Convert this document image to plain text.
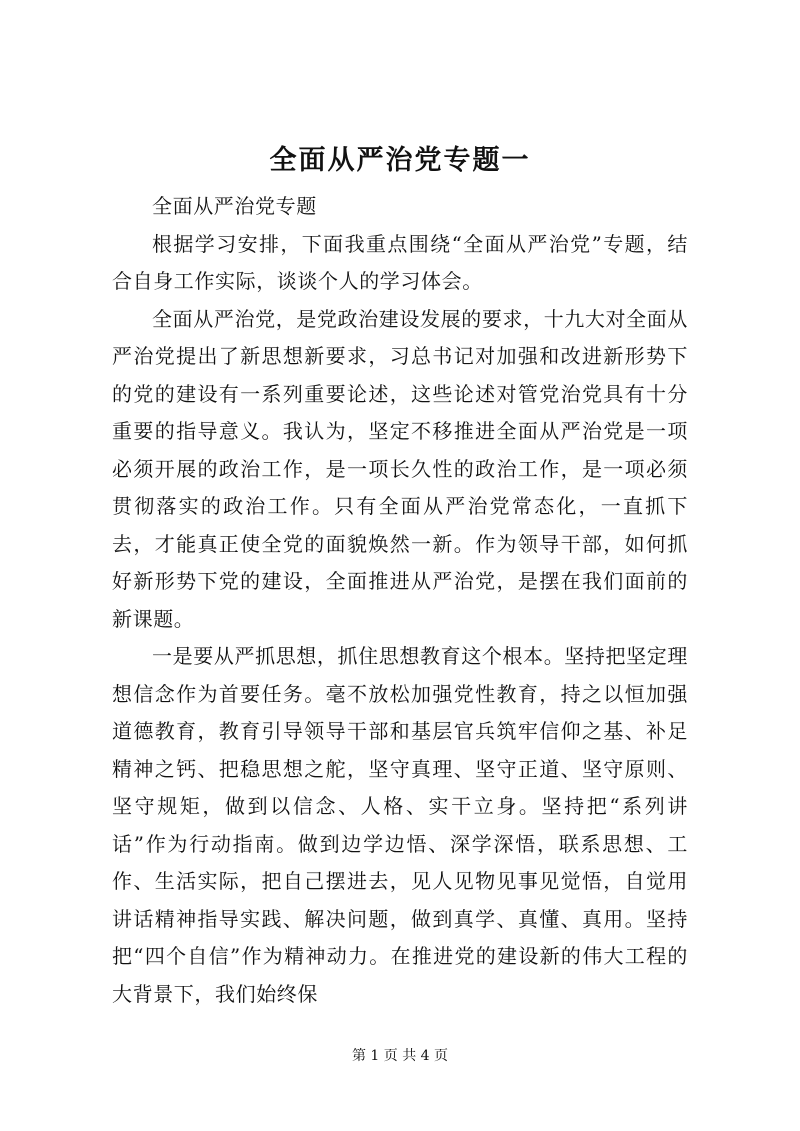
全面从严治党专题一

全面从严治党专题

根据学习安排，下面我重点围绕“全面从严治党”专题，结合自身工作实际，谈谈个人的学习体会。

全面从严治党，是党政治建设发展的要求，十九大对全面从严治党提出了新思想新要求，习总书记对加强和改进新形势下的党的建设有一系列重要论述，这些论述对管党治党具有十分重要的指导意义。我认为，坚定不移推进全面从严治党是一项必须开展的政治工作，是一项长久性的政治工作，是一项必须贯彻落实的政治工作。只有全面从严治党常态化，一直抓下去，才能真正使全党的面貌焕然一新。作为领导干部，如何抓好新形势下党的建设，全面推进从严治党，是摆在我们面前的新课题。

一是要从严抓思想，抓住思想教育这个根本。坚持把坚定理想信念作为首要任务。毫不放松加强党性教育，持之以恒加强道德教育，教育引导领导干部和基层官兵筑牢信仰之基、补足精神之钙、把稳思想之舵，坚守真理、坚守正道、坚守原则、坚守规矩，做到以信念、人格、实干立身。坚持把“系列讲话”作为行动指南。做到边学边悟、深学深悟，联系思想、工作、生活实际，把自己摆进去，见人见物见事见觉悟，自觉用讲话精神指导实践、解决问题，做到真学、真懂、真用。坚持把“四个自信”作为精神动力。在推进党的建设新的伟大工程的大背景下，我们始终保

第 1 页 共 4 页
